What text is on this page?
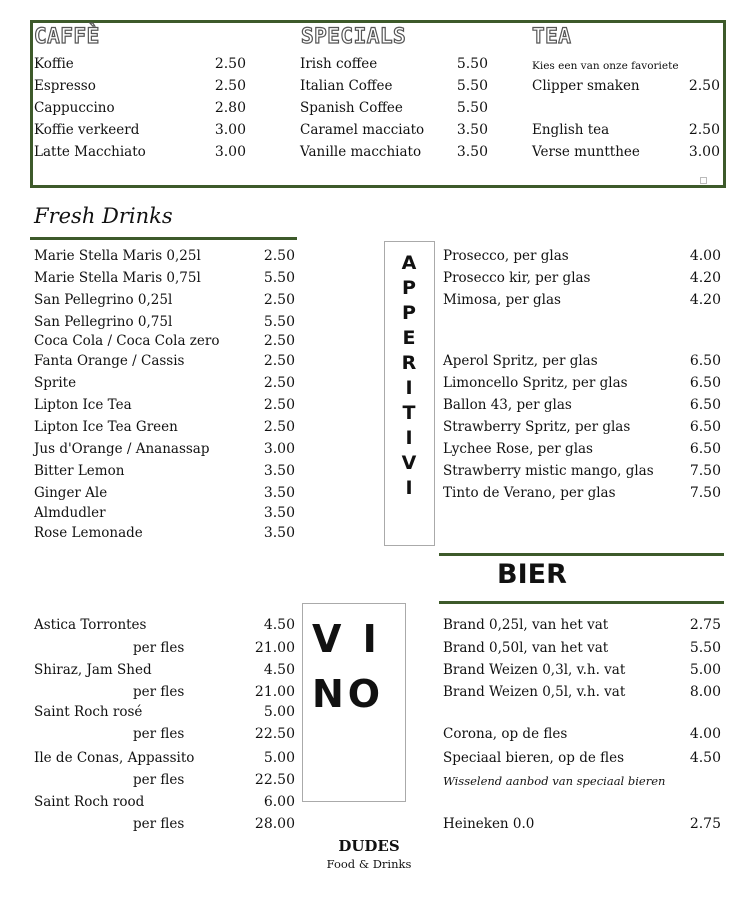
CAFFÈ	SPECIALS	TEA
Koffie	2.50
Espresso	2.50
Cappuccino	2.80
Koffie verkeerd	3.00
Latte Macchiato	3.00
Irish coffee	5.50
Italian Coffee	5.50
Spanish Coffee	5.50
Caramel macciato	3.50
Vanille macchiato	3.50
Kies een van onze favoriete
Clipper smaken	2.50
English tea	2.50
Verse muntthee	3.00
Fresh Drinks
Marie Stella Maris 0,25l	2.50
Marie Stella Maris 0,75l	5.50
San Pellegrino 0,25l	2.50
San Pellegrino 0,75l	5.50
Coca Cola / Coca Cola zero	2.50
Fanta Orange / Cassis	2.50
Sprite	2.50
Lipton Ice Tea	2.50
Lipton Ice Tea Green	2.50
Jus d'Orange / Ananassap	3.00
Bitter Lemon	3.50
Ginger Ale	3.50
Almdudler	3.50
Rose Lemonade	3.50
A
P
P
E
R
I
T
I
V
I
Prosecco, per glas	4.00
Prosecco kir, per glas	4.20
Mimosa, per glas	4.20
Aperol Spritz, per glas	6.50
Limoncello Spritz, per glas	6.50
Ballon 43, per glas	6.50
Strawberry Spritz, per glas	6.50
Lychee Rose, per glas	6.50
Strawberry mistic mango, glas	7.50
Tinto de Verano, per glas	7.50
BIER
Brand 0,25l, van het vat	2.75
Brand 0,50l, van het vat	5.50
Brand Weizen 0,3l, v.h. vat	5.00
Brand Weizen 0,5l, v.h. vat	8.00
Corona, op de fles	4.00
Speciaal bieren, op de fles	4.50
Wisselend aanbod van speciaal bieren
Heineken 0.0	2.75
V I
NO
Astica Torrontes	4.50
per fles	21.00
Shiraz, Jam Shed	4.50
per fles	21.00
Saint Roch rosé	5.00
per fles	22.50
Ile de Conas, Appassito	5.00
per fles	22.50
Saint Roch rood	6.00
per fles	28.00
DUDES
Food & Drinks
